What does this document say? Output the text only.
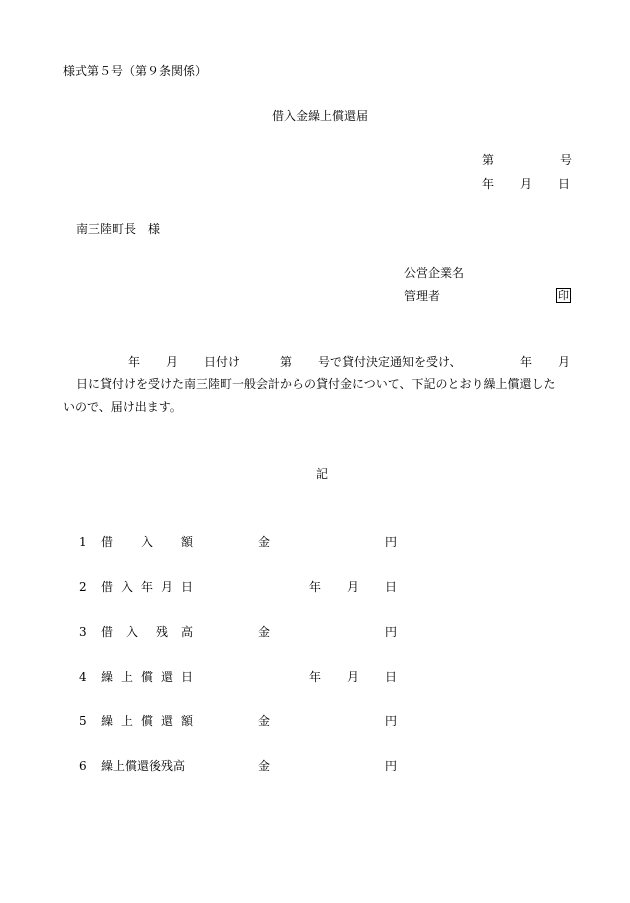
様式第５号（第９条関係）
借入金繰上償還届
第	号
年 月 日
南三陸町長　様
公営企業名
管理者	印
年 月 日付け	第 号で貸付決定通知を受け、	年 月
日に貸付けを受けた南三陸町一般会計からの貸付金について、下記のとおり繰上償還した
いので、届け出ます。
記
1 借 入 額	金	円
2 借 入 年 月 日	年 月 日
3 借 入 残 高	金	円
4 繰 上 償 還 日	年 月 日
5 繰 上 償 還 額	金	円
6 繰上償還後残高	金	円
